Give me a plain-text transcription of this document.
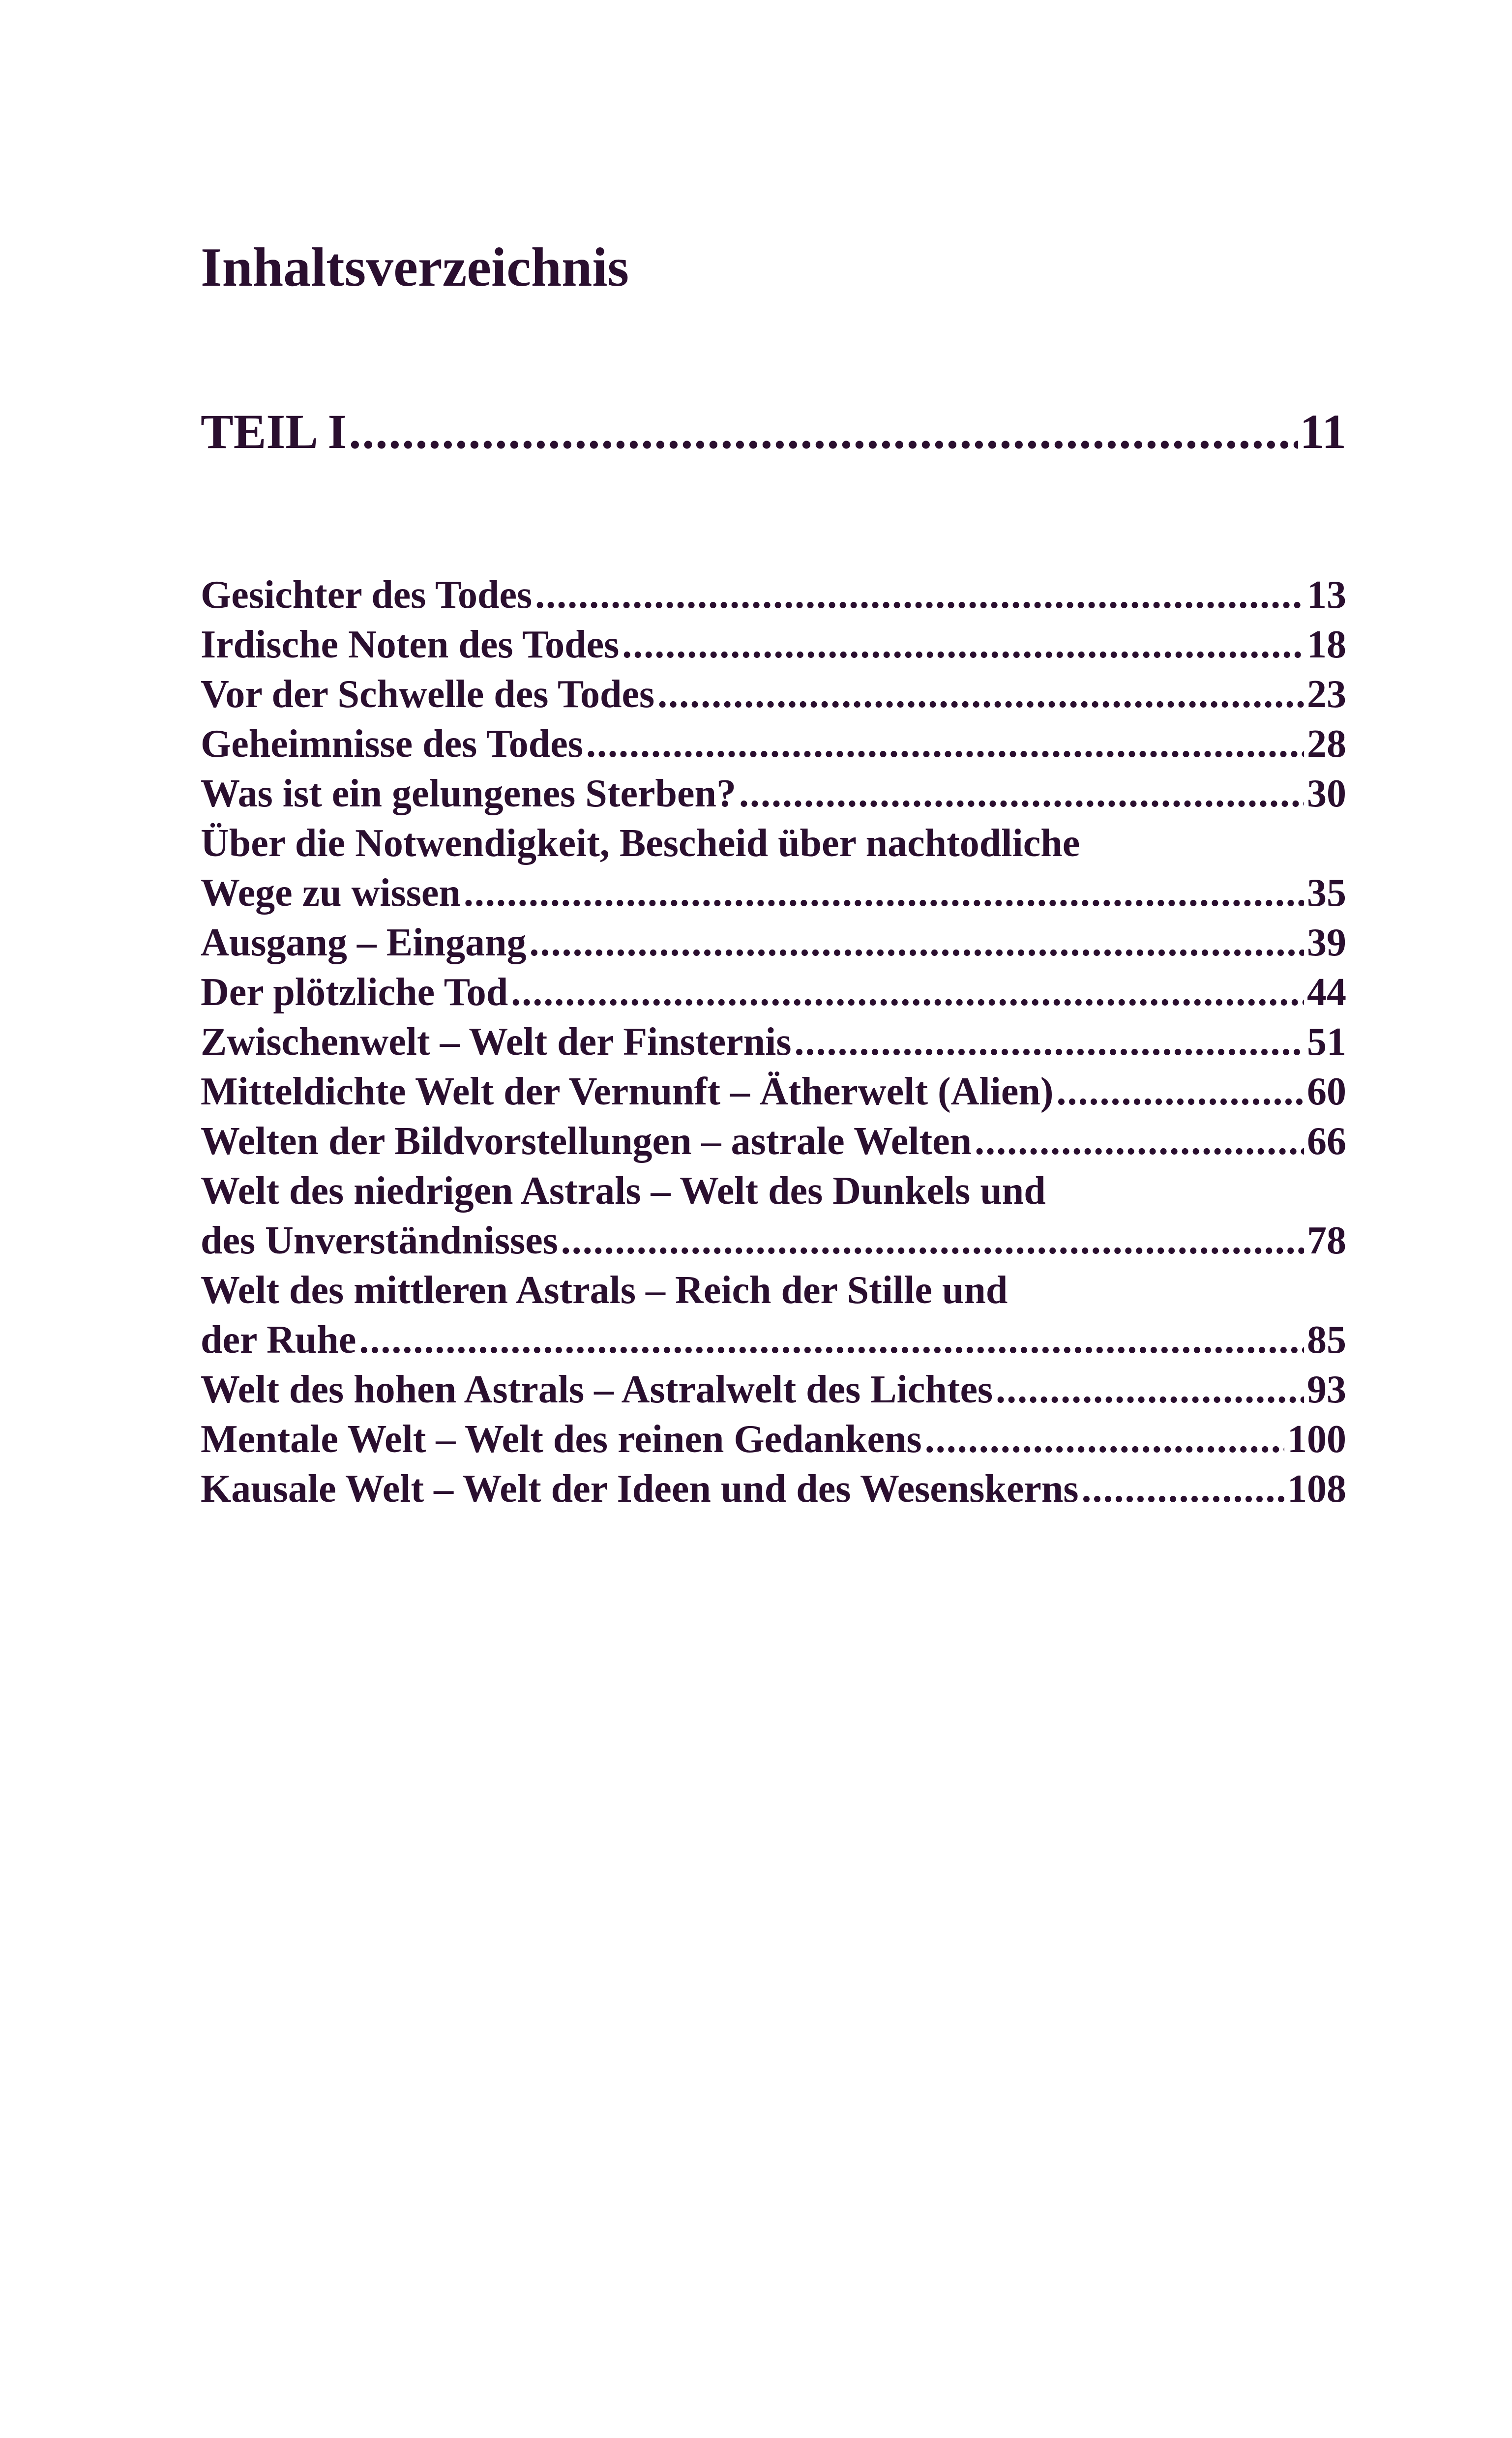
Inhaltsverzeichnis
TEIL I .....	11
Gesichter des Todes .....	13
Irdische Noten des Todes .....	18
Vor der Schwelle des Todes .....	23
Geheimnisse des Todes .....	28
Was ist ein gelungenes Sterben? .....	30
Über die Notwendigkeit, Bescheid über nachtodliche
Wege zu wissen .....	35
Ausgang – Eingang .....	39
Der plötzliche Tod .....	44
Zwischenwelt – Welt der Finsternis .....	51
Mitteldichte Welt der Vernunft – Ätherwelt (Alien) .....	60
Welten der Bildvorstellungen – astrale Welten .....	66
Welt des niedrigen Astrals – Welt des Dunkels und
des Unverständnisses .....	78
Welt des mittleren Astrals – Reich der Stille und
der Ruhe .....	85
Welt des hohen Astrals – Astralwelt des Lichtes .....	93
Mentale Welt – Welt des reinen Gedankens .....	100
Kausale Welt – Welt der Ideen und des Wesenskerns .....	108
